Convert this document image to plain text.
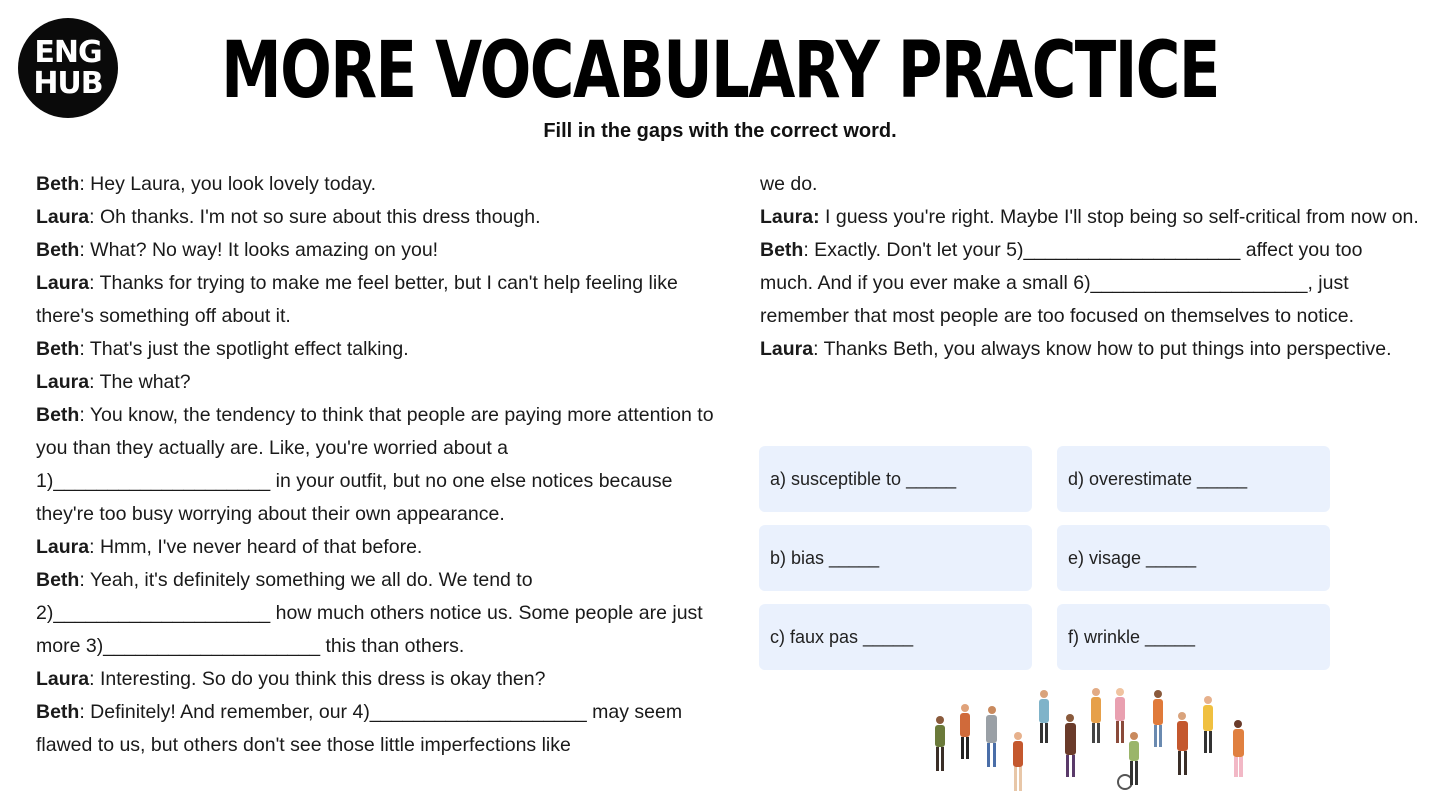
ENG
HUB	MORE VOCABULARY PRACTICE
Fill in the gaps with the correct word.

Beth: Hey Laura, you look lovely today.

Laura: Oh thanks. I'm not so sure about this dress though.

Beth: What? No way! It looks amazing on you!

Laura: Thanks for trying to make me feel better, but I can't help feeling like there's something off about it.

Beth: That's just the spotlight effect talking.

Laura: The what?

Beth: You know, the tendency to think that people are paying more attention to you than they actually are. Like, you're worried about a 1)____________________ in your outfit, but no one else notices because they're too busy worrying about their own appearance.

Laura: Hmm, I've never heard of that before.

Beth: Yeah, it's definitely something we all do. We tend to 2)____________________ how much others notice us. Some people are just more 3)____________________ this than others.

Laura: Interesting. So do you think this dress is okay then?

Beth: Definitely! And remember, our 4)____________________ may seem flawed to us, but others don't see those little imperfections like

we do.

Laura: I guess you're right. Maybe I'll stop being so self-critical from now on.

Beth: Exactly. Don't let your 5)____________________ affect you too much. And if you ever make a small 6)____________________, just remember that most people are too focused on themselves to notice.

Laura: Thanks Beth, you always know how to put things into perspective.

a) susceptible to _____	d) overestimate _____
b) bias _____	e) visage _____
c) faux pas _____	f) wrinkle _____
